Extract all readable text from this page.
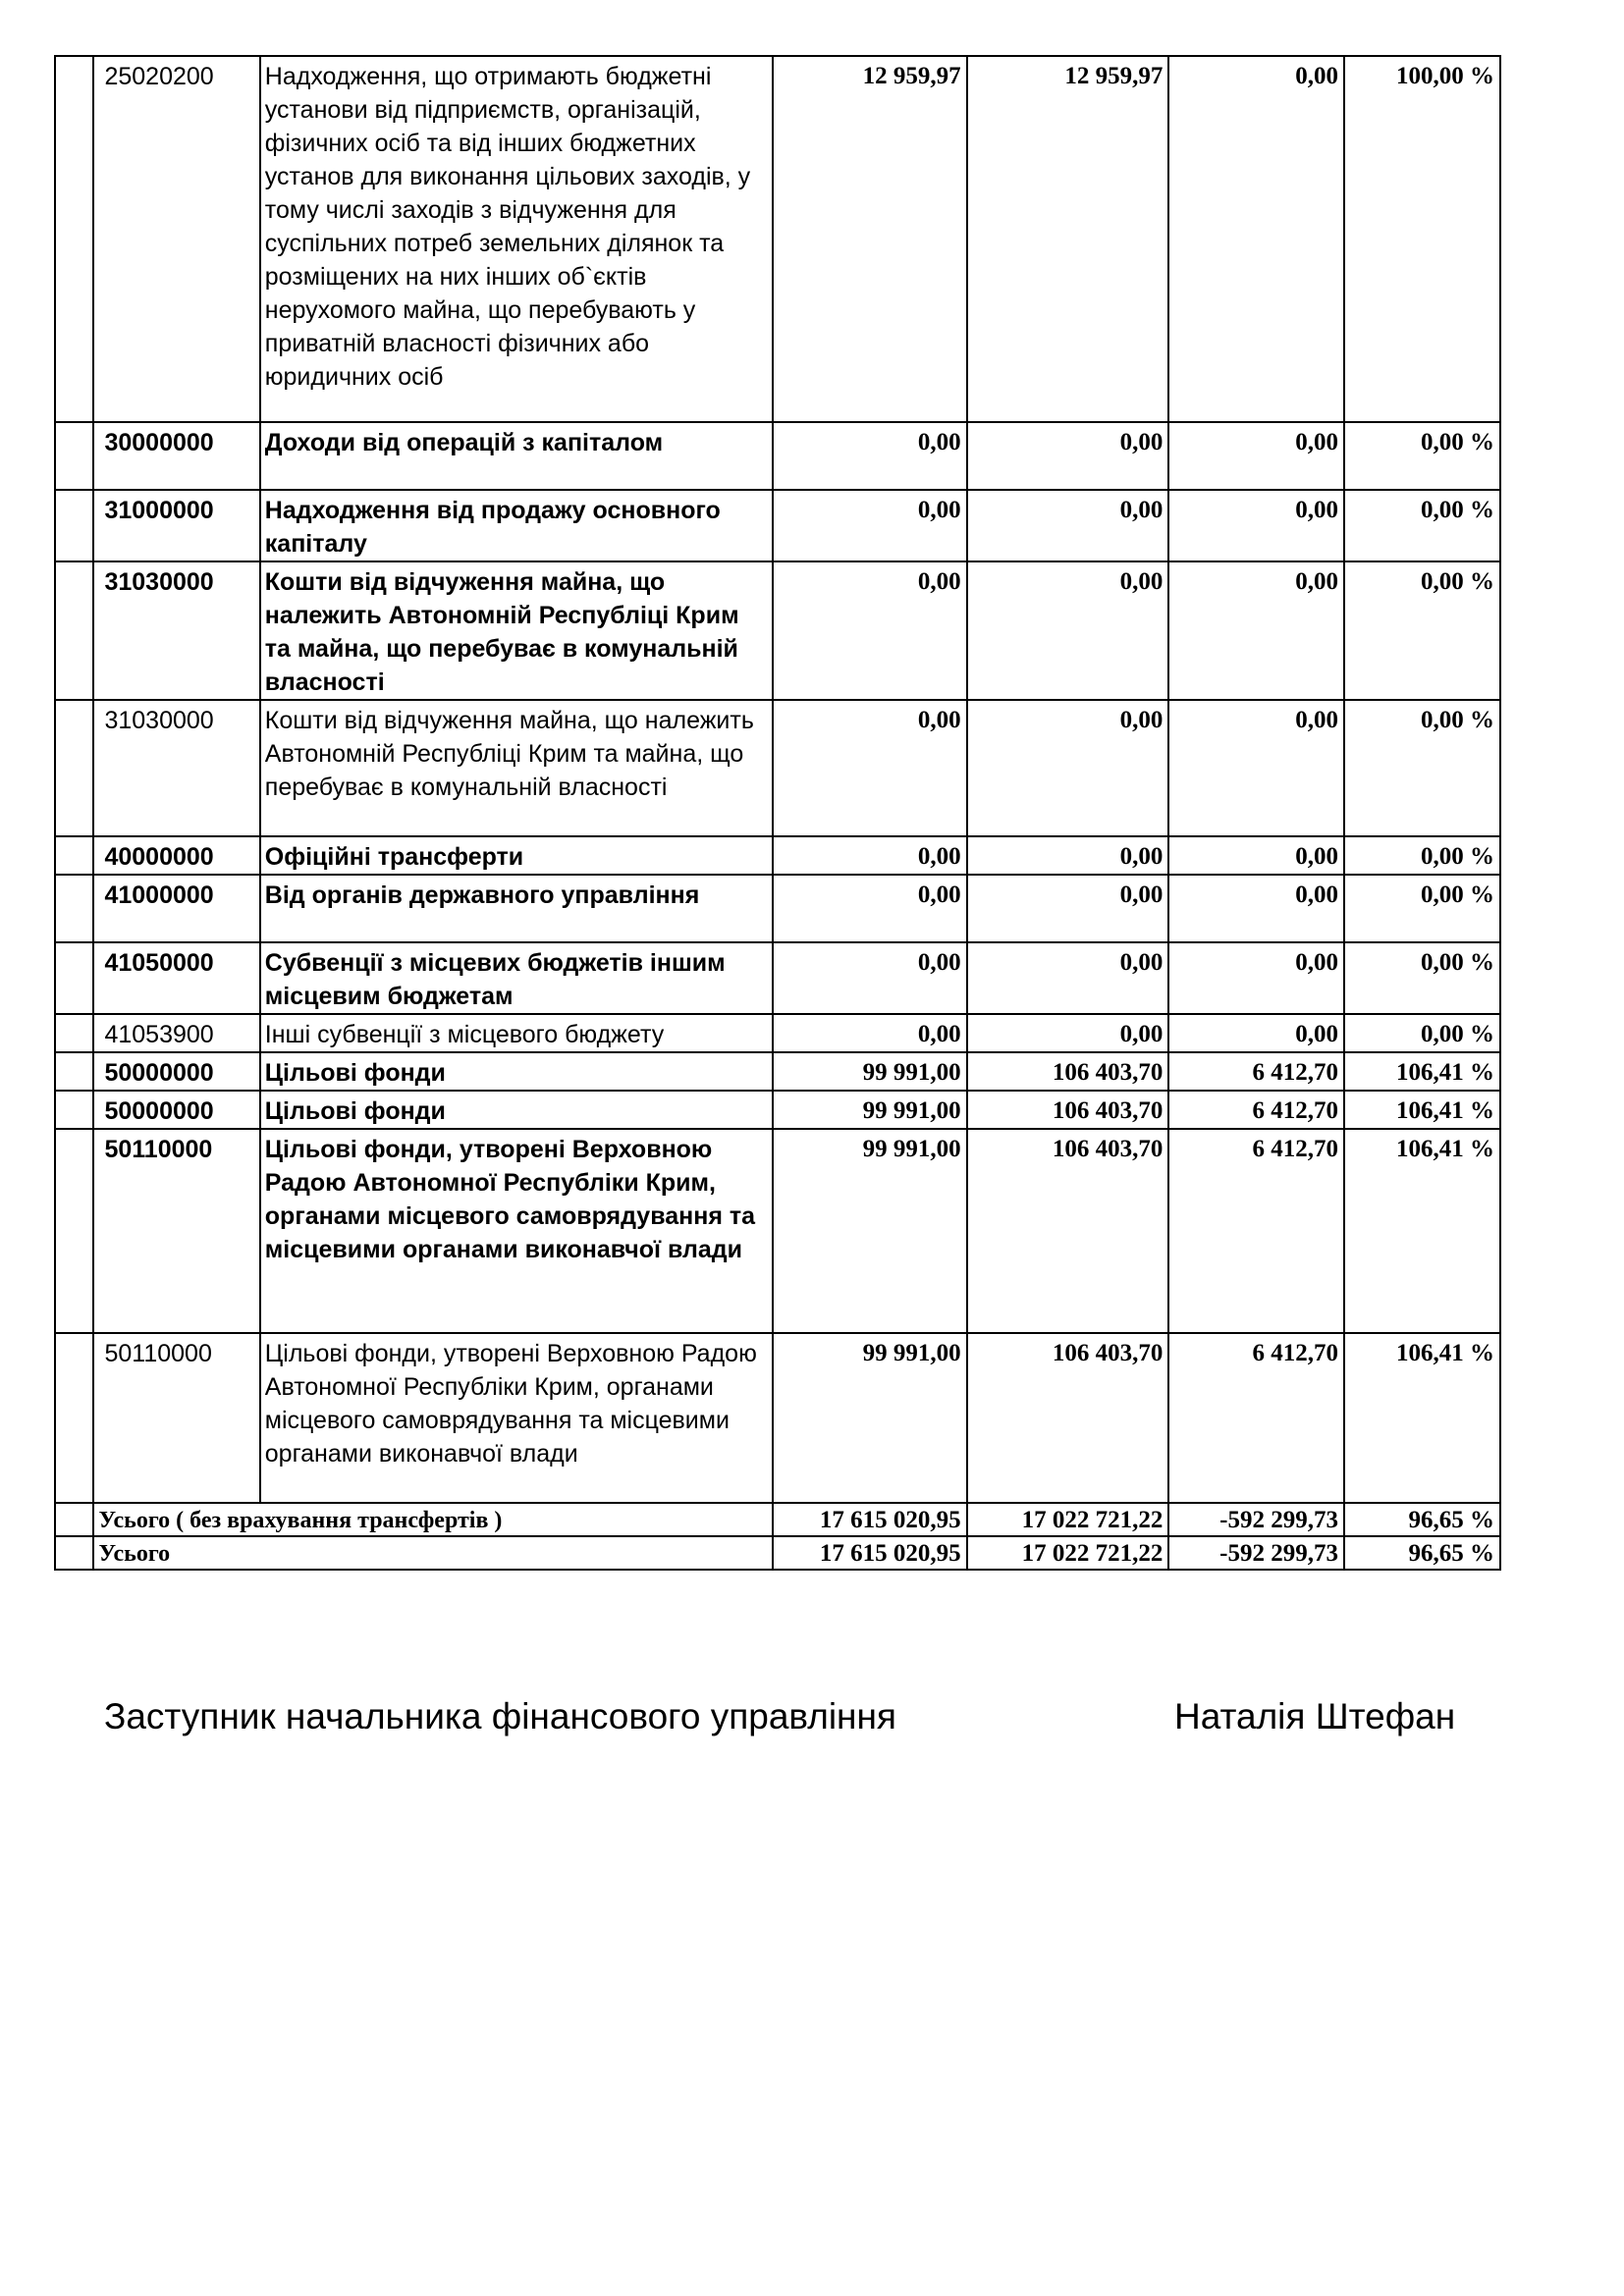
	25020200	Надходження, що отримають бюджетні установи від підприємств, організацій, фізичних осіб та від інших бюджетних установ для виконання цільових заходів, у тому числі заходів з відчуження для суспільних потреб земельних ділянок та розміщених на них інших об`єктів нерухомого майна, що перебувають у приватній власності фізичних або юридичних осіб	12 959,97	12 959,97	0,00	100,00 %
	30000000	Доходи від операцій з капіталом	0,00	0,00	0,00	0,00 %
	31000000	Надходження від продажу основного капіталу	0,00	0,00	0,00	0,00 %
	31030000	Кошти від відчуження майна, що належить Автономній Республіці Крим та майна, що перебуває в комунальній власності	0,00	0,00	0,00	0,00 %
	31030000	Кошти від відчуження майна, що належить Автономній Республіці Крим та майна, що перебуває в комунальній власності	0,00	0,00	0,00	0,00 %
	40000000	Офіційні трансферти	0,00	0,00	0,00	0,00 %
	41000000	Від органів державного управління	0,00	0,00	0,00	0,00 %
	41050000	Субвенції з місцевих бюджетів іншим місцевим бюджетам	0,00	0,00	0,00	0,00 %
	41053900	Інші субвенції з місцевого бюджету	0,00	0,00	0,00	0,00 %
	50000000	Цільові фонди	99 991,00	106 403,70	6 412,70	106,41 %
	50000000	Цільові фонди	99 991,00	106 403,70	6 412,70	106,41 %
	50110000	Цільові фонди, утворені Верховною Радою Автономної Республіки Крим, органами місцевого самоврядування та місцевими органами виконавчої влади	99 991,00	106 403,70	6 412,70	106,41 %
	50110000	Цільові фонди, утворені Верховною Радою Автономної Республіки Крим, органами місцевого самоврядування та місцевими органами виконавчої влади	99 991,00	106 403,70	6 412,70	106,41 %
	Усього ( без врахування трансфертів )		17 615 020,95	17 022 721,22	-592 299,73	96,65 %
	Усього		17 615 020,95	17 022 721,22	-592 299,73	96,65 %
Заступник начальника фінансового управління	Наталія Штефан
